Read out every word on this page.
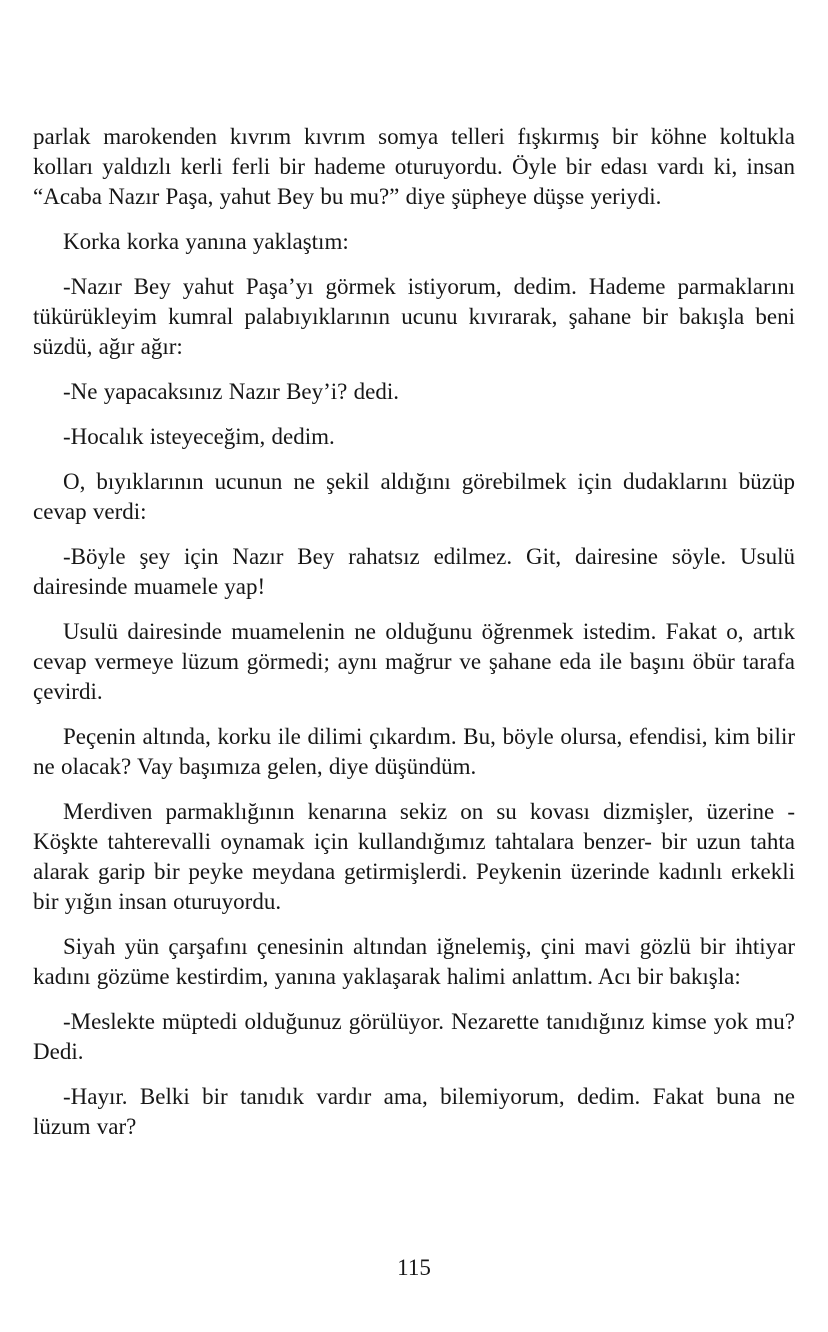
parlak marokenden kıvrım kıvrım somya telleri fışkırmış bir köhne koltukla kolları yaldızlı kerli ferli bir hademe oturuyordu. Öyle bir edası vardı ki, insan “Acaba Nazır Paşa, yahut Bey bu mu?” diye şüpheye düşse yeriydi.

Korka korka yanına yaklaştım:

-Nazır Bey yahut Paşa’yı görmek istiyorum, dedim. Hademe parmaklarını tükürükleyim kumral palabıyıklarının ucunu kıvırarak, şahane bir bakışla beni süzdü, ağır ağır:

-Ne yapacaksınız Nazır Bey’i? dedi.

-Hocalık isteyeceğim, dedim.

O, bıyıklarının ucunun ne şekil aldığını görebilmek için dudaklarını büzüp cevap verdi:

-Böyle şey için Nazır Bey rahatsız edilmez. Git, dairesine söyle. Usulü dairesinde muamele yap!

Usulü dairesinde muamelenin ne olduğunu öğrenmek istedim. Fakat o, artık cevap vermeye lüzum görmedi; aynı mağrur ve şahane eda ile başını öbür tarafa çevirdi.

Peçenin altında, korku ile dilimi çıkardım. Bu, böyle olursa, efendisi, kim bilir ne olacak? Vay başımıza gelen, diye düşündüm.

Merdiven parmaklığının kenarına sekiz on su kovası dizmişler, üzerine - Köşkte tahterevalli oynamak için kullandığımız tahtalara benzer- bir uzun tahta alarak garip bir peyke meydana getirmişlerdi. Peykenin üzerinde kadınlı erkekli bir yığın insan oturuyordu.

Siyah yün çarşafını çenesinin altından iğnelemiş, çini mavi gözlü bir ihtiyar kadını gözüme kestirdim, yanına yaklaşarak halimi anlattım. Acı bir bakışla:

-Meslekte müptedi olduğunuz görülüyor. Nezarette tanıdığınız kimse yok mu? Dedi.

-Hayır. Belki bir tanıdık vardır ama, bilemiyorum, dedim. Fakat buna ne lüzum var?

115
